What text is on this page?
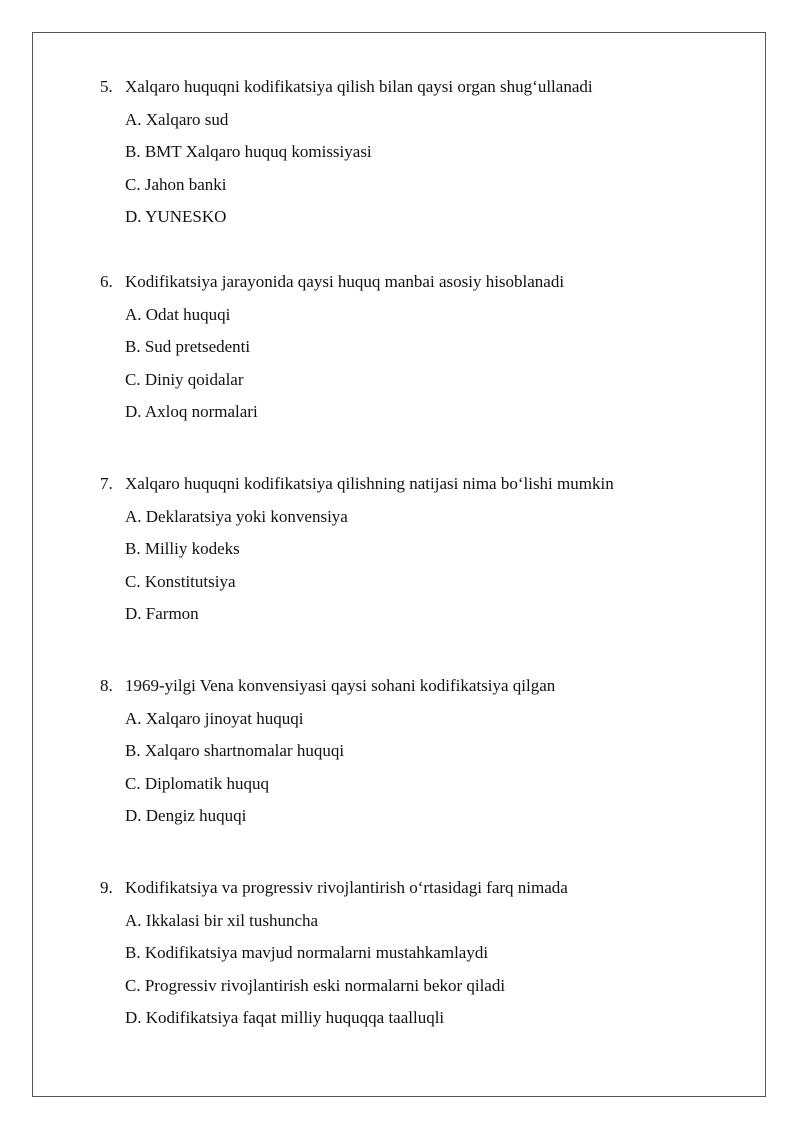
5. Xalqaro huquqni kodifikatsiya qilish bilan qaysi organ shug‘ullanadi
A. Xalqaro sud
B. BMT Xalqaro huquq komissiyasi
C. Jahon banki
D. YUNESKO
6. Kodifikatsiya jarayonida qaysi huquq manbai asosiy hisoblanadi
A. Odat huquqi
B. Sud pretsedenti
C. Diniy qoidalar
D. Axloq normalari
7. Xalqaro huquqni kodifikatsiya qilishning natijasi nima bo‘lishi mumkin
A. Deklaratsiya yoki konvensiya
B. Milliy kodeks
C. Konstitutsiya
D. Farmon
8. 1969-yilgi Vena konvensiyasi qaysi sohani kodifikatsiya qilgan
A. Xalqaro jinoyat huquqi
B. Xalqaro shartnomalar huquqi
C. Diplomatik huquq
D. Dengiz huquqi
9. Kodifikatsiya va progressiv rivojlantirish o‘rtasidagi farq nimada
A. Ikkalasi bir xil tushuncha
B. Kodifikatsiya mavjud normalarni mustahkamlaydi
C. Progressiv rivojlantirish eski normalarni bekor qiladi
D. Kodifikatsiya faqat milliy huquqqa taalluqli
